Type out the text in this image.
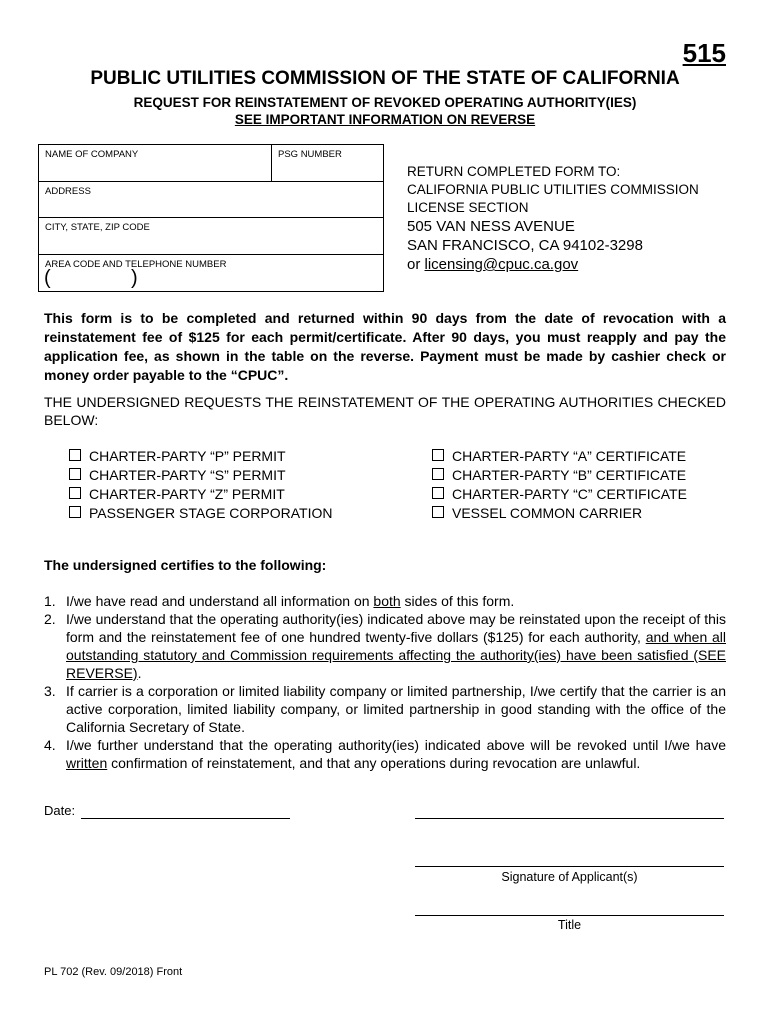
515
PUBLIC UTILITIES COMMISSION OF THE STATE OF CALIFORNIA
REQUEST FOR REINSTATEMENT OF REVOKED OPERATING AUTHORITY(IES)
SEE IMPORTANT INFORMATION ON REVERSE
NAME OF COMPANY	PSG NUMBER
ADDRESS
CITY, STATE, ZIP CODE
AREA CODE AND TELEPHONE NUMBER
(	)
RETURN COMPLETED FORM TO:
CALIFORNIA PUBLIC UTILITIES COMMISSION
LICENSE SECTION
505 VAN NESS AVENUE
SAN FRANCISCO, CA 94102-3298
or licensing@cpuc.ca.gov
This form is to be completed and returned within 90 days from the date of revocation with a reinstatement fee of $125 for each permit/certificate. After 90 days, you must reapply and pay the application fee, as shown in the table on the reverse. Payment must be made by cashier check or money order payable to the “CPUC”.
THE UNDERSIGNED REQUESTS THE REINSTATEMENT OF THE OPERATING AUTHORITIES CHECKED BELOW:
CHARTER-PARTY “P” PERMIT
CHARTER-PARTY “S” PERMIT
CHARTER-PARTY “Z” PERMIT
PASSENGER STAGE CORPORATION
CHARTER-PARTY “A” CERTIFICATE
CHARTER-PARTY “B” CERTIFICATE
CHARTER-PARTY “C” CERTIFICATE
VESSEL COMMON CARRIER
The undersigned certifies to the following:
1. I/we have read and understand all information on both sides of this form.
2. I/we understand that the operating authority(ies) indicated above may be reinstated upon the receipt of this form and the reinstatement fee of one hundred twenty-five dollars ($125) for each authority, and when all outstanding statutory and Commission requirements affecting the authority(ies) have been satisfied (SEE REVERSE).
3. If carrier is a corporation or limited liability company or limited partnership, I/we certify that the carrier is an active corporation, limited liability company, or limited partnership in good standing with the office of the California Secretary of State.
4. I/we further understand that the operating authority(ies) indicated above will be revoked until I/we have written confirmation of reinstatement, and that any operations during revocation are unlawful.
Date:
Signature of Applicant(s)
Title
PL 702 (Rev. 09/2018) Front
